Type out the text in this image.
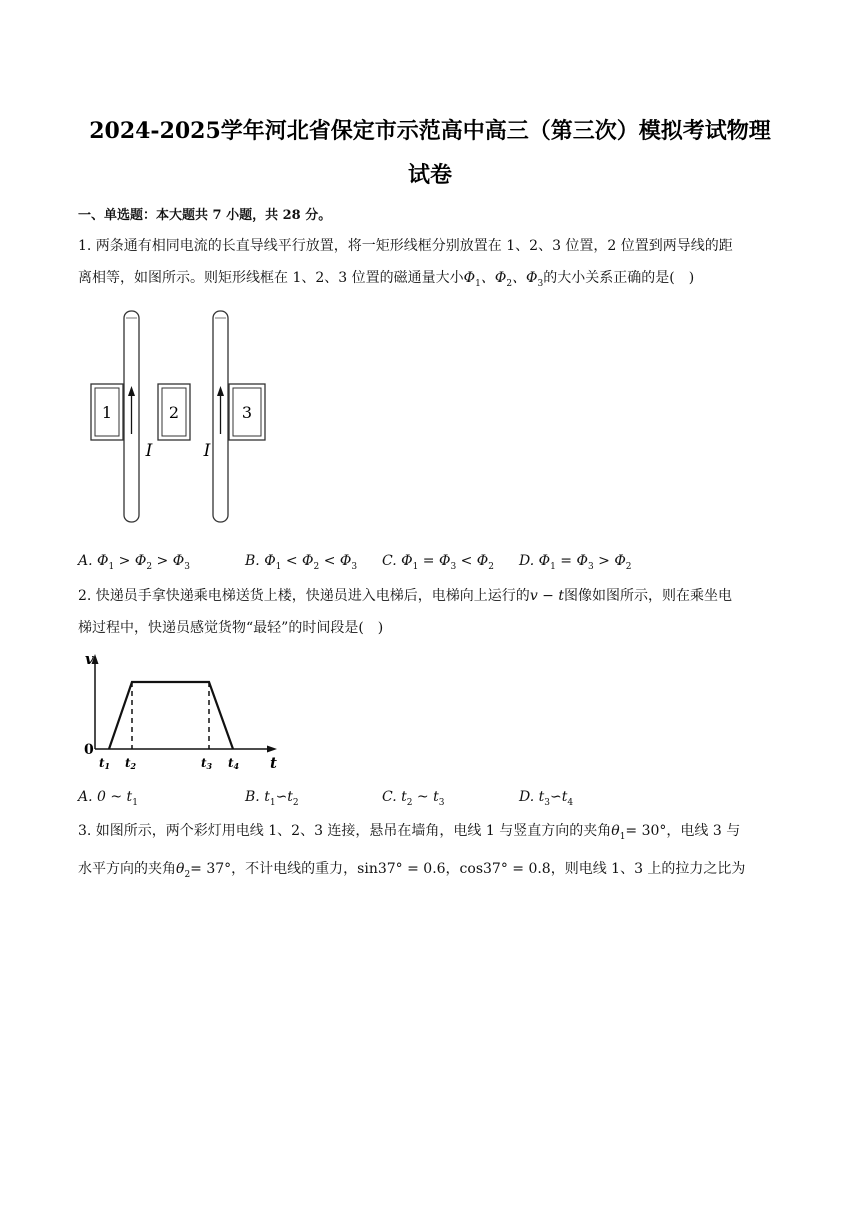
2024-2025学年河北省保定市示范高中高三（第三次）模拟考试物理
试卷
一、单选题：本大题共 7 小题，共 28 分。
1. 两条通有相同电流的长直导线平行放置，将一矩形线框分别放置在 1、2、3 位置，2 位置到两导线的距
离相等，如图所示。则矩形线框在 1、2、3 位置的磁通量大小$\Phi_1$、$\Phi_2$、$\Phi_3$的大小关系正确的是(　)
1	2	3
I	I
A. $\Phi_1 > \Phi_2 > \Phi_3$	B. $\Phi_1 < \Phi_2 < \Phi_3$ C. $\Phi_1 = \Phi_3 < \Phi_2$ D. $\Phi_1 = \Phi_3 > \Phi_2$
2. 快递员手拿快递乘电梯送货上楼，快递员进入电梯后，电梯向上运行的v − t图像如图所示，则在乘坐电
梯过程中，快递员感觉货物“最轻”的时间段是(　)
v
t
0
t1 t2	t3 t4
A. 0 ~ $t_1$	B. $t_1∽t_2$	C. $t_2$ ~ $t_3$	D. $t_3∽t_4$
3. 如图所示，两个彩灯用电线 1、2、3 连接，悬吊在墙角，电线 1 与竖直方向的夹角$\theta_1= 30^\circ$，电线 3 与
水平方向的夹角$\theta_2= 37^\circ$，不计电线的重力，sin37° = 0.6，cos37° = 0.8，则电线 1、3 上的拉力之比为
